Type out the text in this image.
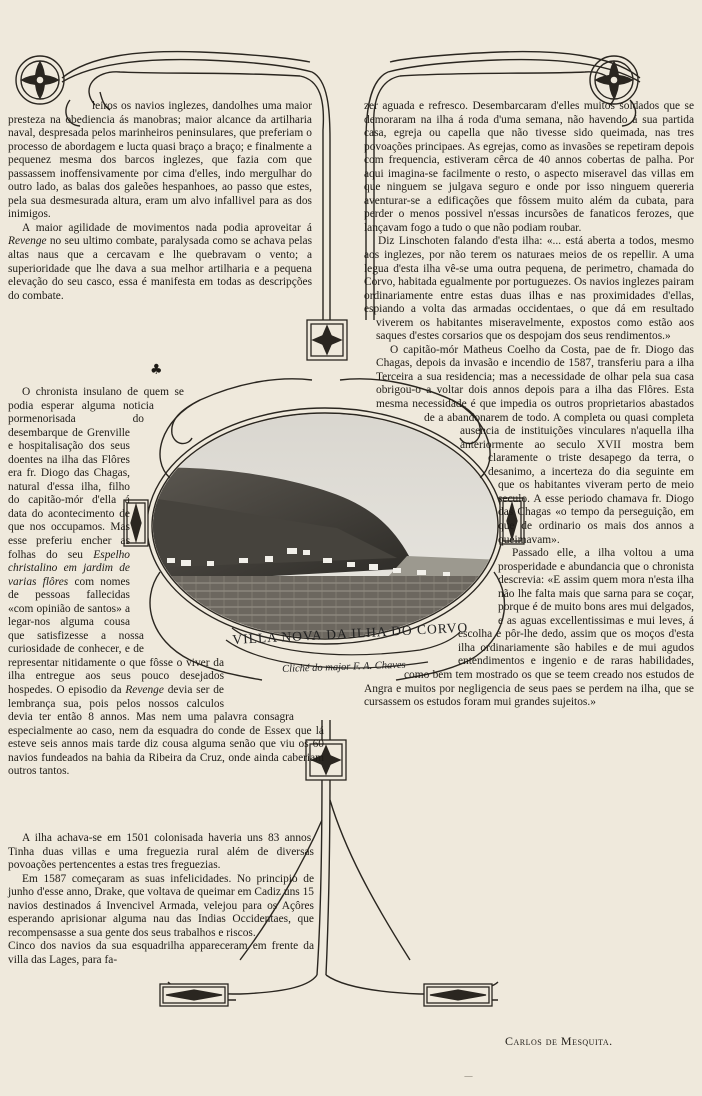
VILLA NOVA DA ILHA DO CORVO
Cliché do major F. A. Chaves

leiros os navios inglezes, dandolhes uma maior presteza na obediencia ás manobras; maior alcance da artilharia naval, despresada pelos marinheiros peninsulares, que preferiam o processo de abordagem e lucta quasi braço a braço; e finalmente a pequenez mesma dos barcos inglezes, que fazia com que passassem inoffensivamente por cima d'elles, indo mergulhar do outro lado, as balas dos galeões hespanhoes, ao passo que estes, pela sua desmesurada altura, eram um alvo infallivel para as dos inimigos.

A maior agilidade de movimentos nada podia aproveitar á Revenge no seu ultimo combate, paralysada como se achava pelas altas naus que a cercavam e lhe quebravam o vento; a superioridade que lhe dava a sua melhor artilharia e a pequena elevação do seu casco, essa é manifesta em todas as descripções do combate.

♣

O chronista insulano de quem se podia esperar alguma noticia pormenorisada do desembarque de Grenville e hospitalisação dos seus doentes na ilha das Flôres era fr. Diogo das Chagas, natural d'essa ilha, filho do capitão-mór d'ella á data do acontecimento de que nos occupamos. Mas esse preferiu encher as folhas do seu Espelho christalino em jardim de varias flôres com nomes de pessoas fallecidas «com opinião de santos» a legar-nos alguma cousa que satisfizesse a nossa curiosidade de conhecer, e de representar nitidamente o que fôsse o viver da ilha entregue aos seus pouco desejados hospedes. O episodio da Revenge devia ser de lembrança sua, pois pelos nossos calculos devia ter então 8 annos. Mas nem uma palavra consagra especialmente ao caso, nem da esquadra do conde de Essex que lá esteve seis annos mais tarde diz cousa alguma senão que viu os 60 navios fundeados na bahia da Ribeira da Cruz, onde ainda caberiam outros tantos.

A ilha achava-se em 1501 colonisada haveria uns 83 annos. Tinha duas villas e uma freguezia rural além de diversas povoações pertencentes a estas tres freguezias.

Em 1587 começaram as suas infelicidades. No principio de junho d'esse anno, Drake, que voltava de queimar em Cadiz uns 15 navios destinados á Invencivel Armada, velejou para os Açôres esperando aprisionar alguma nau das Indias Occidentaes, que recompensasse a sua gente dos seus trabalhos e riscos.

Cinco dos navios da sua esquadrilha appareceram em frente da villa das Lages, para fa-

zer aguada e refresco. Desembarcaram d'elles muitos soldados que se demoraram na ilha á roda d'uma semana, não havendo á sua partida casa, egreja ou capella que não tivesse sido queimada, nas tres povoações principaes. As egrejas, como as invasões se repetiram depois com frequencia, estiveram cêrca de 40 annos cobertas de palha. Por aqui imagina-se facilmente o resto, o aspecto miseravel das villas em que ninguem se julgava seguro e onde por isso ninguem quereria aventurar-se a edificações que fôssem muito além da cubata, para perder o menos possivel n'essas incursões de fanaticos ferozes, que lançavam fogo a tudo o que não podiam roubar.

Diz Linschoten falando d'esta ilha: «... está aberta a todos, mesmo aos inglezes, por não terem os naturaes meios de os repellir. A uma legua d'esta ilha vê-se uma outra pequena, de perimetro, chamada do Corvo, habitada egualmente por portuguezes. Os navios inglezes pairam ordinariamente entre estas duas ilhas e nas proximidades d'ellas, espiando a volta das armadas occidentaes, o que dá em resultado viverem os habitantes miseravelmente, expostos como estão aos saques d'estes corsarios que os despojam dos seus rendimentos.»

O capitão-mór Matheus Coelho da Costa, pae de fr. Diogo das Chagas, depois da invasão e incendio de 1587, transferiu para a ilha Terceira a sua residencia; mas a necessidade de olhar pela sua casa obrigou-o a voltar dois annos depois para a ilha das Flôres. Esta mesma necessidade é que impedia os outros proprietarios abastados de a abandonarem de todo. A completa ou quasi completa ausencia de instituições vinculares n'aquella ilha anteriormente ao seculo XVII mostra bem claramente o triste desapego da terra, o desanimo, a incerteza do dia seguinte em que os habitantes viveram perto de meio seculo. A esse periodo chamava fr. Diogo das Chagas «o tempo da perseguição, em que de ordinario os mais dos annos a queimavam».

Passado elle, a ilha voltou a uma prosperidade e abundancia que o chronista descrevia: «E assim quem mora n'esta ilha não lhe falta mais que sarna para se coçar, porque é de muito bons ares mui delgados, e as aguas excellentissimas e mui leves, á escolha e pôr-lhe dedo, assim que os moços d'esta ilha ordinariamente são habiles e de mui agudos entendimentos e ingenio e de raras habilidades, como bem tem mostrado os que se teem creado nos estudos de Angra e muitos por negligencia de seus paes se perdem na ilha, que se cursassem os estudos foram mui grandes sujeitos.»

Carlos de Mesquita.
—
